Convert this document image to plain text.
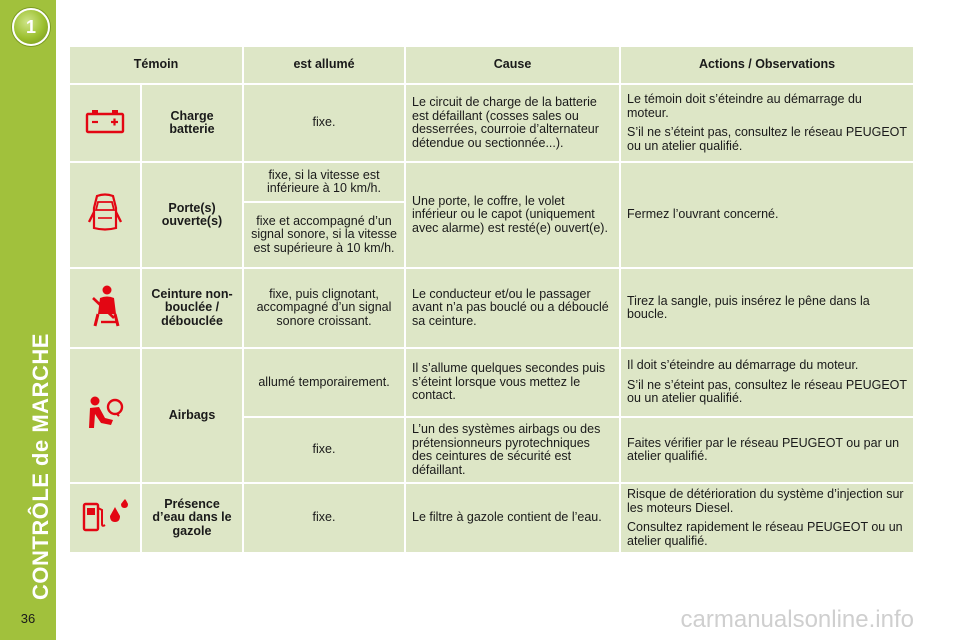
1
CONTRÔLE de MARCHE
36
Témoin		est allumé	Cause	Actions / Observations

	Charge batterie	fixe.	Le circuit de charge de la batterie est défaillant (cosses sales ou desserrées, courroie d’alternateur détendue ou sectionnée...).	Le témoin doit s’éteindre au démarrage du moteur.
S’il ne s’éteint pas, consultez le réseau PEUGEOT ou un atelier qualifié.

	Porte(s) ouverte(s)	fixe, si la vitesse est inférieure à 10 km/h.	Une porte, le coffre, le volet inférieur ou le capot (uniquement avec alarme) est resté(e) ouvert(e).	Fermez l’ouvrant concerné.

		fixe et accompagné d’un signal sonore, si la vitesse est supérieure à 10 km/h.		

	Ceinture non-bouclée / débouclée	fixe, puis clignotant, accompagné d’un signal sonore croissant.	Le conducteur et/ou le passager avant n’a pas bouclé ou a débouclé sa ceinture.	Tirez la sangle, puis insérez le pêne dans la boucle.

	Airbags	allumé temporairement.	Il s’allume quelques secondes puis s’éteint lorsque vous mettez le contact.	Il doit s’éteindre au démarrage du moteur.
S’il ne s’éteint pas, consultez le réseau PEUGEOT ou un atelier qualifié.

		fixe.	L’un des systèmes airbags ou des prétensionneurs pyrotechniques des ceintures de sécurité est défaillant.	Faites vérifier par le réseau PEUGEOT ou par un atelier qualifié.

	Présence d’eau dans le gazole	fixe.	Le filtre à gazole contient de l’eau.	Risque de détérioration du système d’injection sur les moteurs Diesel.
Consultez rapidement le réseau PEUGEOT ou un atelier qualifié.
carmanualsonline.info
